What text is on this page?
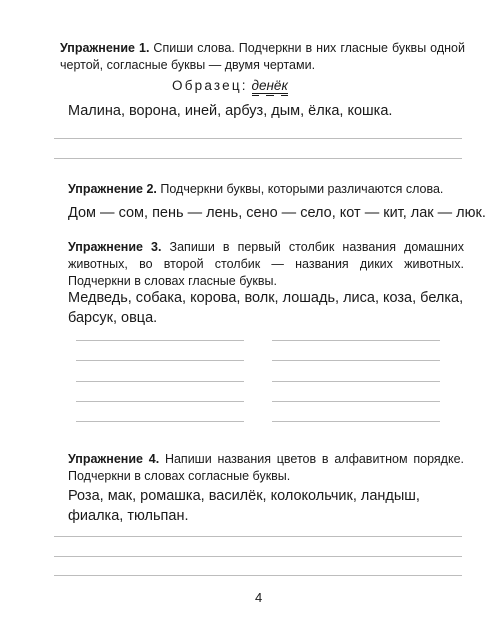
Упражнение 1. Спиши слова. Подчеркни в них гласные буквы одной чертой, согласные буквы — двумя чертами.
Образец: денёк
Малина, ворона, иней, арбуз, дым, ёлка, кошка.
Упражнение 2. Подчеркни буквы, которыми различаются слова.
Дом — сом, пень — лень, сено — село, кот — кит, лак — люк.
Упражнение 3. Запиши в первый столбик названия домашних животных, во второй столбик — названия диких животных. Подчеркни в словах гласные буквы.
Медведь, собака, корова, волк, лошадь, лиса, коза, белка, барсук, овца.
Упражнение 4. Напиши названия цветов в алфавитном порядке. Подчеркни в словах согласные буквы.
Роза, мак, ромашка, василёк, колокольчик, ландыш, фиалка, тюльпан.
4
